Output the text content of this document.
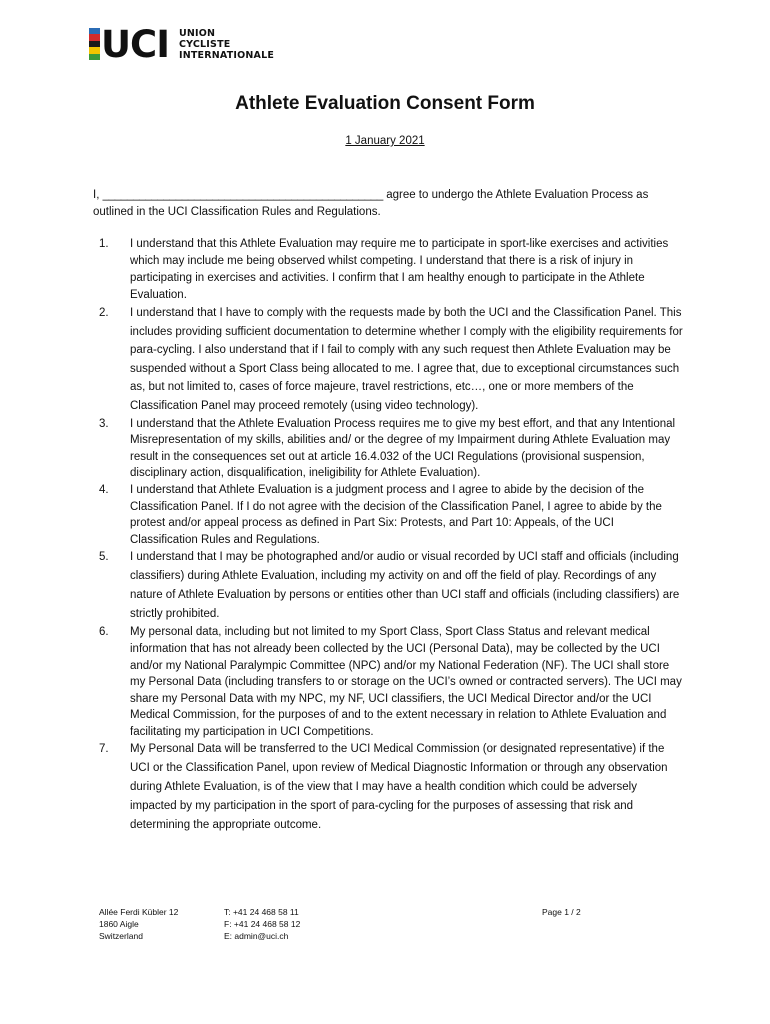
UCI UNION
CYCLISTE
INTERNATIONALE
Athlete Evaluation Consent Form
1 January 2021
I, ______________________________________________ agree to undergo the Athlete Evaluation Process as outlined in the UCI Classification Rules and Regulations.
1.	I understand that this Athlete Evaluation may require me to participate in sport-like exercises and activities which may include me being observed whilst competing. I understand that there is a risk of injury in participating in exercises and activities. I confirm that I am healthy enough to participate in the Athlete Evaluation.
2.	I understand that I have to comply with the requests made by both the UCI and the Classification Panel. This includes providing sufficient documentation to determine whether I comply with the eligibility requirements for para-cycling. I also understand that if I fail to comply with any such request then Athlete Evaluation may be suspended without a Sport Class being allocated to me. I agree that, due to exceptional circumstances such as, but not limited to, cases of force majeure, travel restrictions, etc…, one or more members of the Classification Panel may proceed remotely (using video technology).
3.	I understand that the Athlete Evaluation Process requires me to give my best effort, and that any Intentional Misrepresentation of my skills, abilities and/ or the degree of my Impairment during Athlete Evaluation may result in the consequences set out at article 16.4.032 of the UCI Regulations (provisional suspension, disciplinary action, disqualification, ineligibility for Athlete Evaluation).
4.	I understand that Athlete Evaluation is a judgment process and I agree to abide by the decision of the Classification Panel. If I do not agree with the decision of the Classification Panel, I agree to abide by the protest and/or appeal process as defined in Part Six: Protests, and Part 10: Appeals, of the UCI Classification Rules and Regulations.
5.	I understand that I may be photographed and/or audio or visual recorded by UCI staff and officials (including classifiers) during Athlete Evaluation, including my activity on and off the field of play. Recordings of any nature of Athlete Evaluation by persons or entities other than UCI staff and officials (including classifiers) are strictly prohibited.
6.	My personal data, including but not limited to my Sport Class, Sport Class Status and relevant medical information that has not already been collected by the UCI (Personal Data), may be collected by the UCI and/or my National Paralympic Committee (NPC) and/or my National Federation (NF). The UCI shall store my Personal Data (including transfers to or storage on the UCI’s owned or contracted servers). The UCI may share my Personal Data with my NPC, my NF, UCI classifiers, the UCI Medical Director and/or the UCI Medical Commission, for the purposes of and to the extent necessary in relation to Athlete Evaluation and facilitating my participation in UCI Competitions.
7.	My Personal Data will be transferred to the UCI Medical Commission (or designated representative) if the UCI or the Classification Panel, upon review of Medical Diagnostic Information or through any observation during Athlete Evaluation, is of the view that I may have a health condition which could be adversely impacted by my participation in the sport of para-cycling for the purposes of assessing that risk and determining the appropriate outcome.
Allée Ferdi Kübler 12
1860 Aigle
Switzerland
T: +41 24 468 58 11
F: +41 24 468 58 12
E: admin@uci.ch
Page 1 / 2
